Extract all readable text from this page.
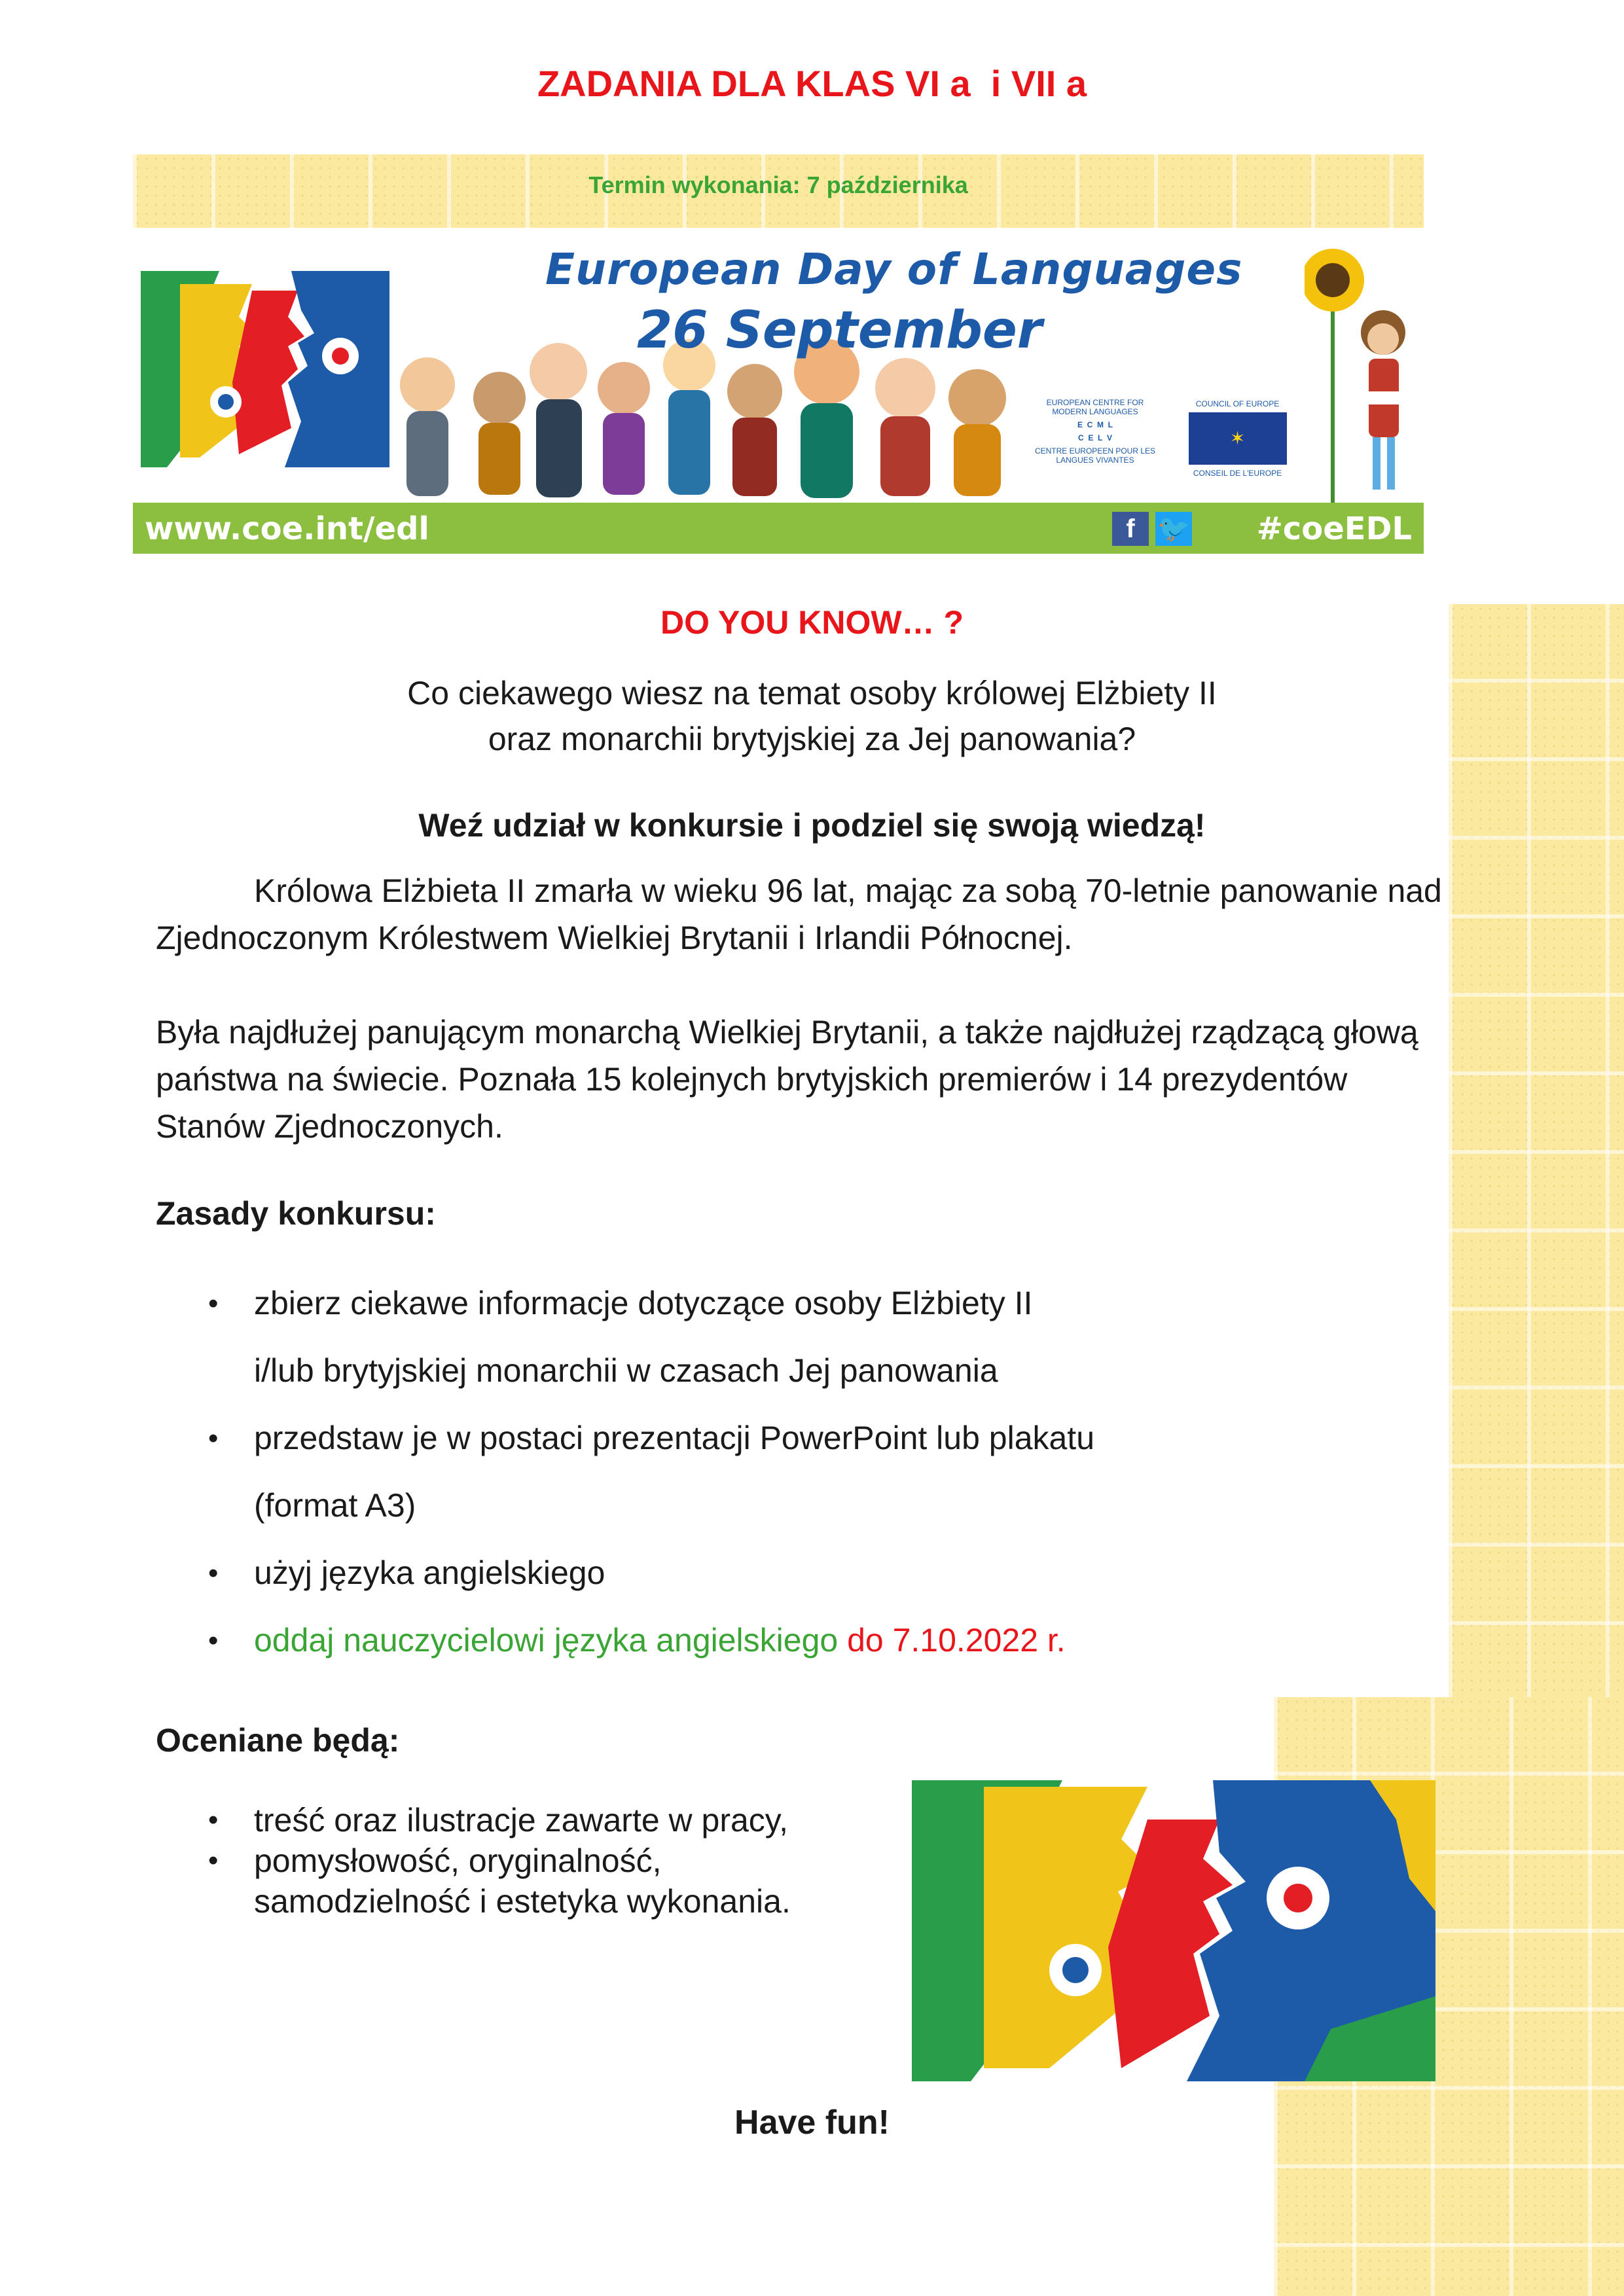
ZADANIA DLA KLAS VI a  i VII a
Termin wykonania: 7 października
European Day of Languages
26 September
EUROPEAN CENTRE FOR MODERN LANGUAGES
E C M L
C E L V
CENTRE EUROPEEN POUR LES LANGUES VIVANTES
COUNCIL OF EUROPE
✶
CONSEIL DE L'EUROPE
www.coe.int/edl	f 🐦 #coeEDL
DO YOU KNOW… ?
Co ciekawego wiesz na temat osoby królowej Elżbiety II
oraz monarchii brytyjskiej za Jej panowania?
Weź udział w konkursie i podziel się swoją wiedzą!

Królowa Elżbieta II zmarła w wieku 96 lat, mając za sobą 70-letnie panowanie nad Zjednoczonym Królestwem Wielkiej Brytanii i Irlandii Północnej.

Była najdłużej panującym monarchą Wielkiej Brytanii, a także najdłużej rządzącą głową państwa na świecie. Poznała 15 kolejnych brytyjskich premierów i 14 prezydentów Stanów Zjednoczonych.

Zasady konkursu:
• zbierz ciekawe informacje dotyczące osoby Elżbiety II
i/lub brytyjskiej monarchii w czasach Jej panowania
• przedstaw je w postaci prezentacji PowerPoint lub plakatu
(format A3)
• użyj języka angielskiego
• oddaj nauczycielowi języka angielskiego do 7.10.2022 r.
Oceniane będą:
• treść oraz ilustracje zawarte w pracy,
• pomysłowość, oryginalność,
samodzielność i estetyka wykonania.
Have fun!
